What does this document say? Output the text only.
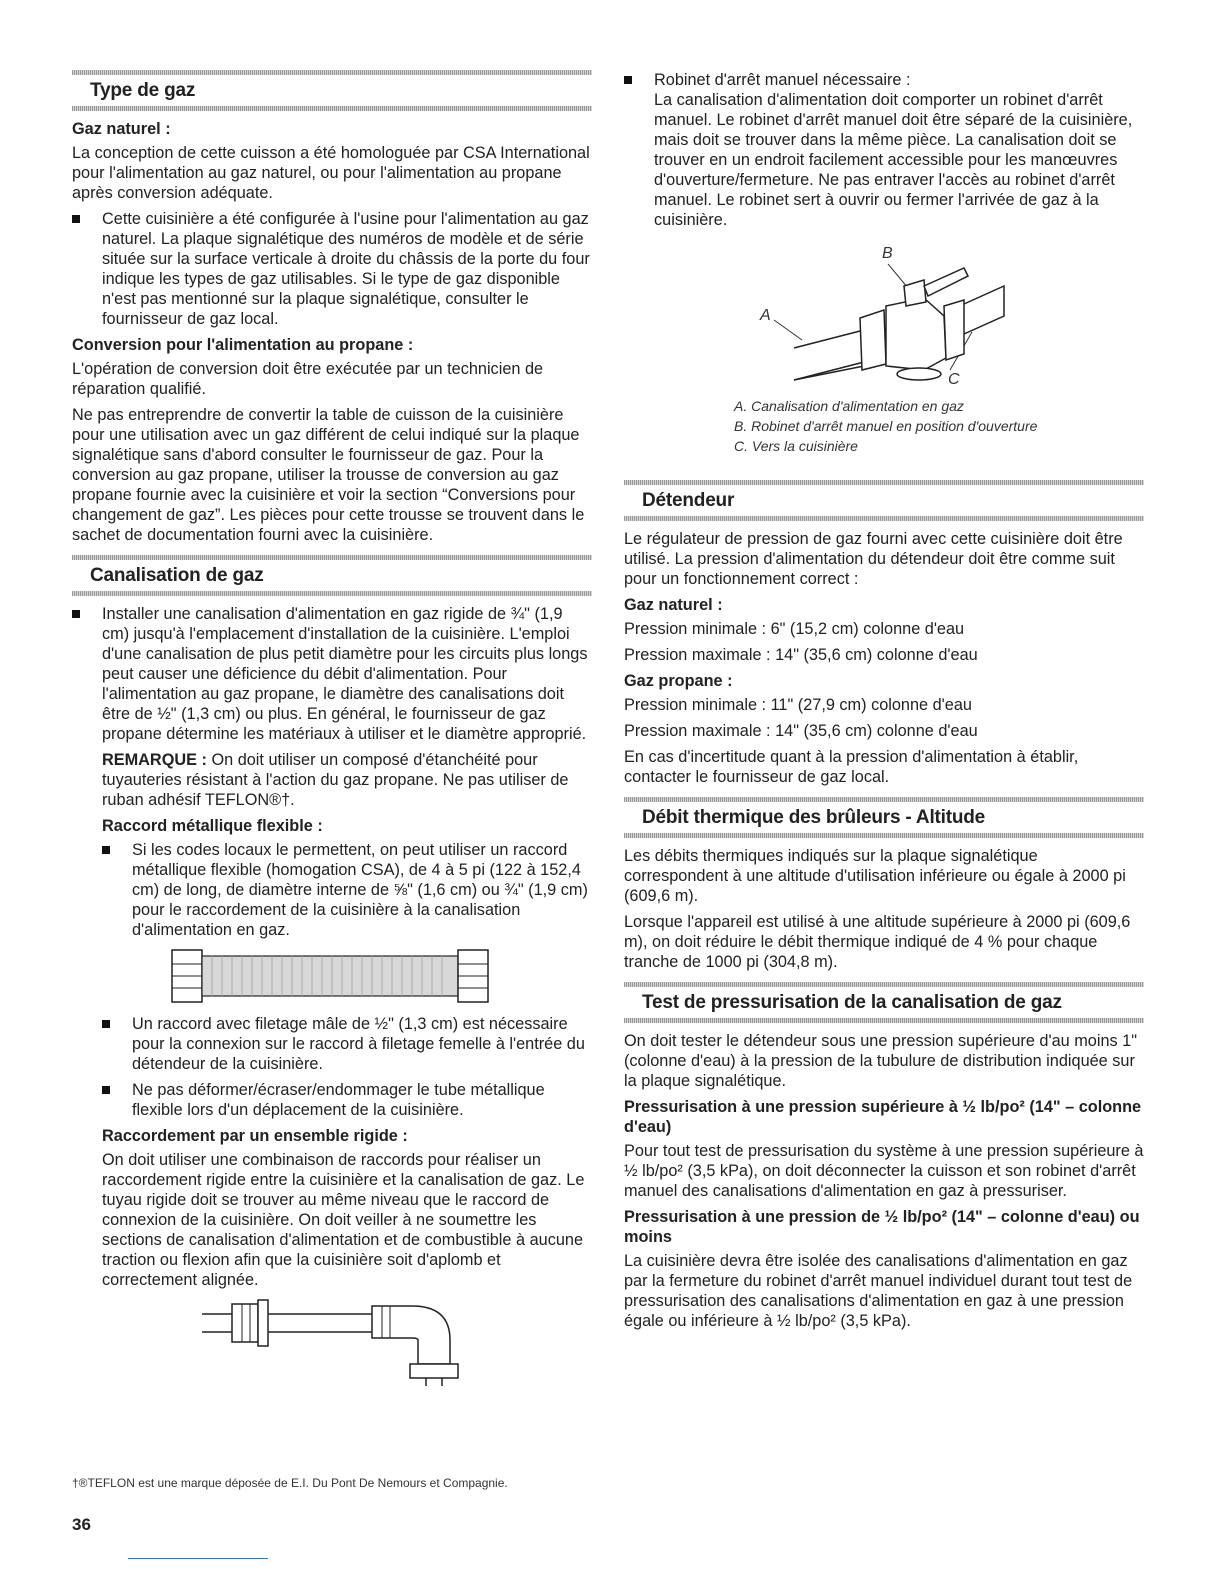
Type de gaz
Gaz naturel :

La conception de cette cuisson a été homologuée par CSA International pour l'alimentation au gaz naturel, ou pour l'alimentation au propane après conversion adéquate.

Cette cuisinière a été configurée à l'usine pour l'alimentation au gaz naturel. La plaque signalétique des numéros de modèle et de série située sur la surface verticale à droite du châssis de la porte du four indique les types de gaz utilisables. Si le type de gaz disponible n'est pas mentionné sur la plaque signalétique, consulter le fournisseur de gaz local.
Conversion pour l'alimentation au propane :

L'opération de conversion doit être exécutée par un technicien de réparation qualifié.

Ne pas entreprendre de convertir la table de cuisson de la cuisinière pour une utilisation avec un gaz différent de celui indiqué sur la plaque signalétique sans d'abord consulter le fournisseur de gaz. Pour la conversion au gaz propane, utiliser la trousse de conversion au gaz propane fournie avec la cuisinière et voir la section “Conversions pour changement de gaz”. Les pièces pour cette trousse se trouvent dans le sachet de documentation fourni avec la cuisinière.

Canalisation de gaz
Installer une canalisation d'alimentation en gaz rigide de ¾" (1,9 cm) jusqu'à l'emplacement d'installation de la cuisinière. L'emploi d'une canalisation de plus petit diamètre pour les circuits plus longs peut causer une déficience du débit d'alimentation. Pour l'alimentation au gaz propane, le diamètre des canalisations doit être de ½" (1,3 cm) ou plus. En général, le fournisseur de gaz propane détermine les matériaux à utiliser et le diamètre approprié.

REMARQUE : On doit utiliser un composé d'étanchéité pour tuyauteries résistant à l'action du gaz propane. Ne pas utiliser de ruban adhésif TEFLON®†.

Raccord métallique flexible :
Si les codes locaux le permettent, on peut utiliser un raccord métallique flexible (homogation CSA), de 4 à 5 pi (122 à 152,4 cm) de long, de diamètre interne de ⅝" (1,6 cm) ou ¾" (1,9 cm) pour le raccordement de la cuisinière à la canalisation d'alimentation en gaz.
Un raccord avec filetage mâle de ½" (1,3 cm) est nécessaire pour la connexion sur le raccord à filetage femelle à l'entrée du détendeur de la cuisinière.
Ne pas déformer/écraser/endommager le tube métallique flexible lors d'un déplacement de la cuisinière.
Raccordement par un ensemble rigide :

On doit utiliser une combinaison de raccords pour réaliser un raccordement rigide entre la cuisinière et la canalisation de gaz. Le tuyau rigide doit se trouver au même niveau que le raccord de connexion de la cuisinière. On doit veiller à ne soumettre les sections de canalisation d'alimentation et de combustible à aucune traction ou flexion afin que la cuisinière soit d'aplomb et correctement alignée.

Robinet d'arrêt manuel nécessaire :
La canalisation d'alimentation doit comporter un robinet d'arrêt manuel. Le robinet d'arrêt manuel doit être séparé de la cuisinière, mais doit se trouver dans la même pièce. La canalisation doit se trouver en un endroit facilement accessible pour les manœuvres d'ouverture/fermeture. Ne pas entraver l'accès au robinet d'arrêt manuel. Le robinet sert à ouvrir ou fermer l'arrivée de gaz à la cuisinière.
B
A
C
A. Canalisation d'alimentation en gaz
B. Robinet d'arrêt manuel en position d'ouverture
C. Vers la cuisinière
Détendeur

Le régulateur de pression de gaz fourni avec cette cuisinière doit être utilisé. La pression d'alimentation du détendeur doit être comme suit pour un fonctionnement correct :

Gaz naturel :

Pression minimale : 6" (15,2 cm) colonne d'eau

Pression maximale : 14" (35,6 cm) colonne d'eau

Gaz propane :

Pression minimale : 11" (27,9 cm) colonne d'eau

Pression maximale : 14" (35,6 cm) colonne d'eau

En cas d'incertitude quant à la pression d'alimentation à établir, contacter le fournisseur de gaz local.

Débit thermique des brûleurs - Altitude

Les débits thermiques indiqués sur la plaque signalétique correspondent à une altitude d'utilisation inférieure ou égale à 2000 pi (609,6 m).

Lorsque l'appareil est utilisé à une altitude supérieure à 2000 pi (609,6 m), on doit réduire le débit thermique indiqué de 4 % pour chaque tranche de 1000 pi (304,8 m).

Test de pressurisation de la canalisation de gaz

On doit tester le détendeur sous une pression supérieure d'au moins 1" (colonne d'eau) à la pression de la tubulure de distribution indiquée sur la plaque signalétique.

Pressurisation à une pression supérieure à ½ lb/po² (14" – colonne d'eau)

Pour tout test de pressurisation du système à une pression supérieure à ½ lb/po² (3,5 kPa), on doit déconnecter la cuisson et son robinet d'arrêt manuel des canalisations d'alimentation en gaz à pressuriser.

Pressurisation à une pression de ½ lb/po² (14" – colonne d'eau) ou moins

La cuisinière devra être isolée des canalisations d'alimentation en gaz par la fermeture du robinet d'arrêt manuel individuel durant tout test de pressurisation des canalisations d'alimentation en gaz à une pression égale ou inférieure à ½ lb/po² (3,5 kPa).

†®TEFLON est une marque déposée de E.I. Du Pont De Nemours et Compagnie.
36
